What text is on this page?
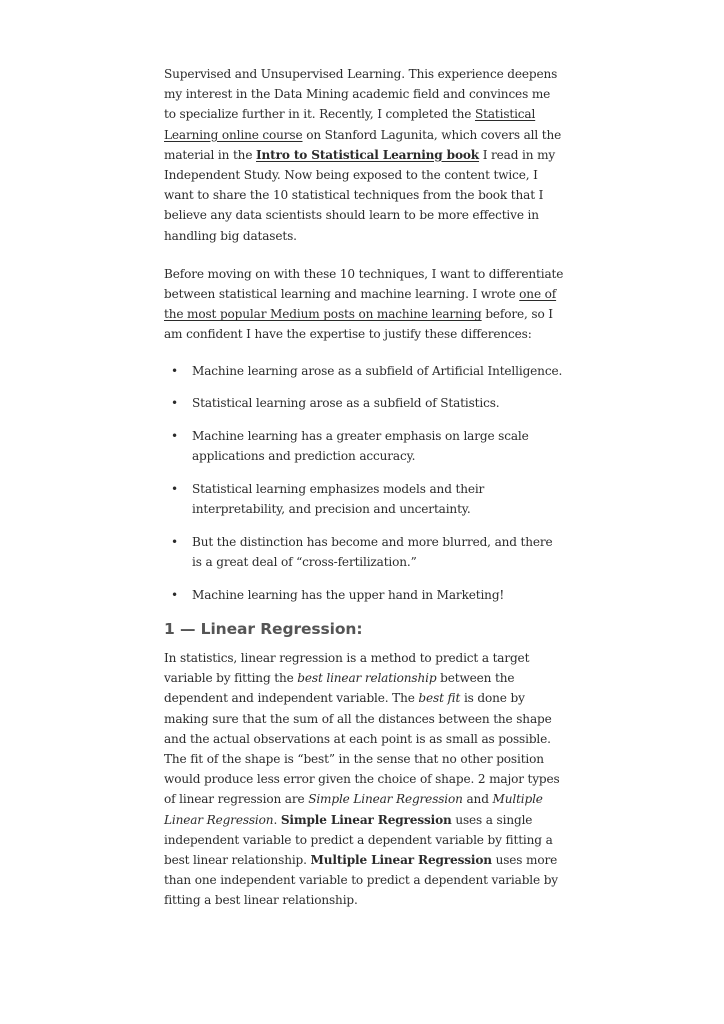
Supervised and Unsupervised Learning. This experience deepens my interest in the Data Mining academic field and convinces me to specialize further in it. Recently, I completed the Statistical Learning online course on Stanford Lagunita, which covers all the material in the Intro to Statistical Learning book I read in my Independent Study. Now being exposed to the content twice, I want to share the 10 statistical techniques from the book that I believe any data scientists should learn to be more effective in handling big datasets.

Before moving on with these 10 techniques, I want to differentiate between statistical learning and machine learning. I wrote one of the most popular Medium posts on machine learning before, so I am confident I have the expertise to justify these differences:

• Machine learning arose as a subfield of Artificial Intelligence.
• Statistical learning arose as a subfield of Statistics.
• Machine learning has a greater emphasis on large scale applications and prediction accuracy.
• Statistical learning emphasizes models and their interpretability, and precision and uncertainty.
• But the distinction has become and more blurred, and there is a great deal of “cross-fertilization.”
• Machine learning has the upper hand in Marketing!
1 — Linear Regression:

In statistics, linear regression is a method to predict a target variable by fitting the best linear relationship between the dependent and independent variable. The best fit is done by making sure that the sum of all the distances between the shape and the actual observations at each point is as small as possible. The fit of the shape is “best” in the sense that no other position would produce less error given the choice of shape. 2 major types of linear regression are Simple Linear Regression and Multiple Linear Regression. Simple Linear Regression uses a single independent variable to predict a dependent variable by fitting a best linear relationship. Multiple Linear Regression uses more than one independent variable to predict a dependent variable by fitting a best linear relationship.
